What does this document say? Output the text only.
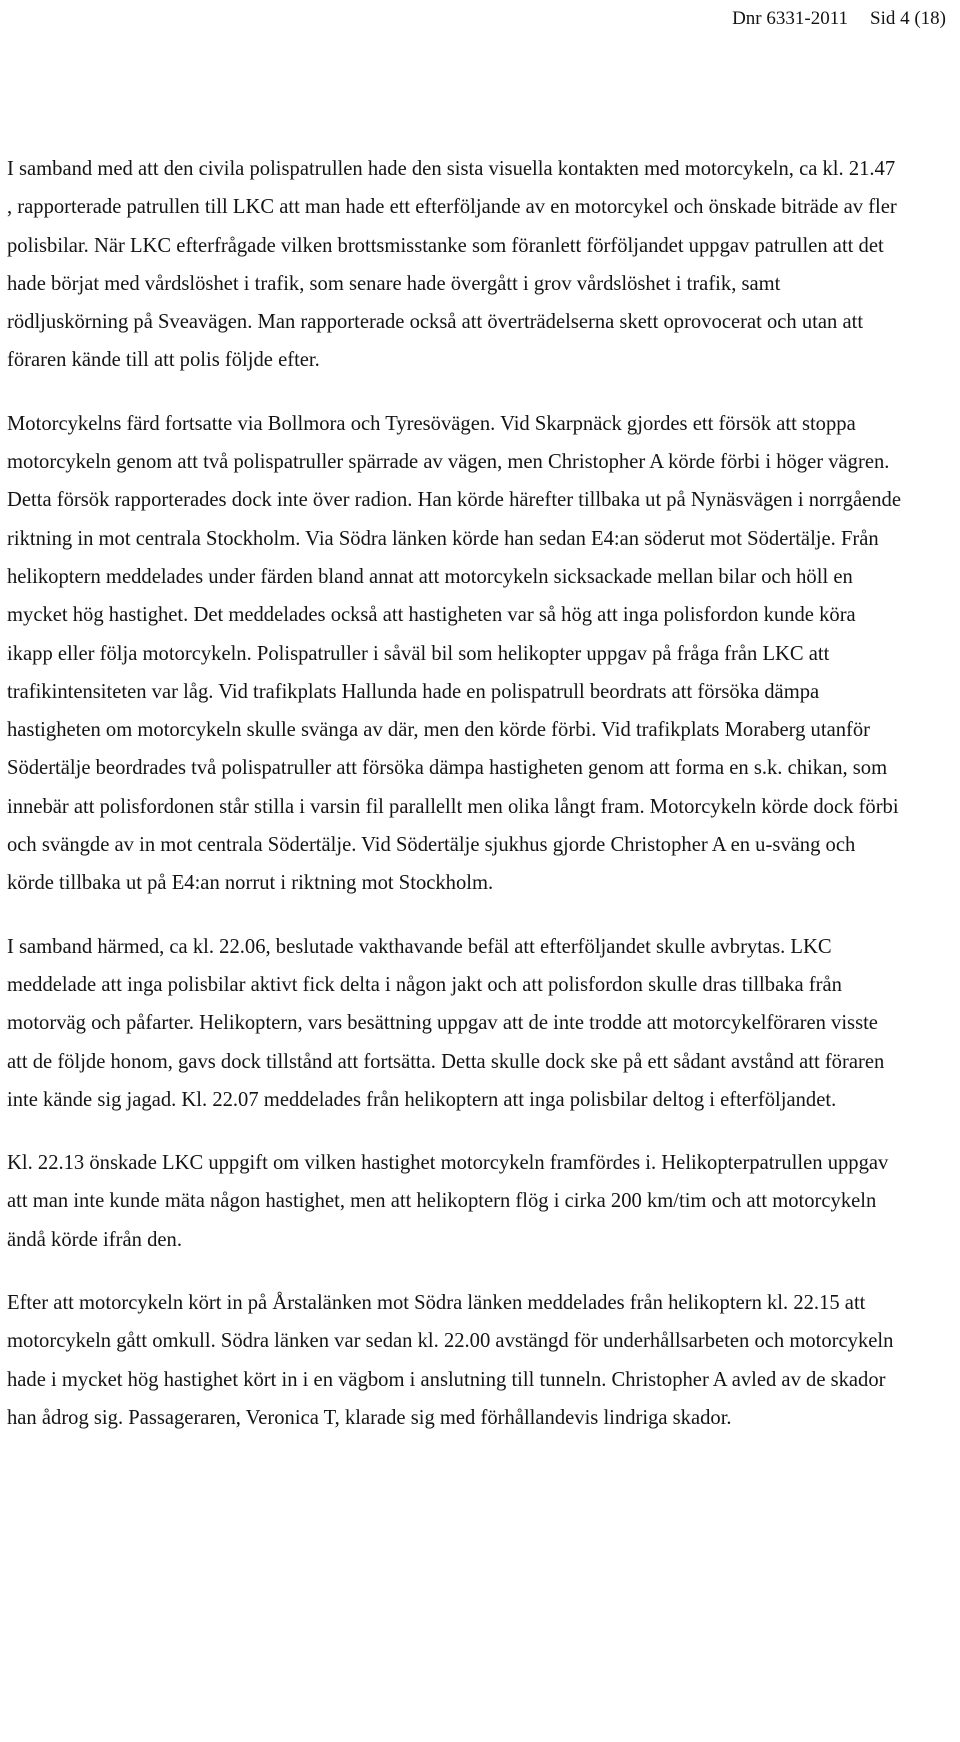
Dnr 6331-2011 Sid 4 (18)

I samband med att den civila polispatrullen hade den sista visuella kontakten med motorcykeln, ca kl. 21.47 , rapporterade patrullen till LKC att man hade ett efterföljande av en motorcykel och önskade biträde av fler polisbilar. När LKC efterfrågade vilken brottsmisstanke som föranlett förföljandet uppgav patrullen att det hade börjat med vårdslöshet i trafik, som senare hade övergått i grov vårdslöshet i trafik, samt rödljuskörning på Sveavägen. Man rapporterade också att överträdelserna skett oprovocerat och utan att föraren kände till att polis följde efter.

Motorcykelns färd fortsatte via Bollmora och Tyresövägen. Vid Skarpnäck gjordes ett försök att stoppa motorcykeln genom att två polispatruller spärrade av vägen, men Christopher A körde förbi i höger vägren. Detta försök rapporterades dock inte över radion. Han körde härefter tillbaka ut på Nynäsvägen i norrgående riktning in mot centrala Stockholm. Via Södra länken körde han sedan E4:an söderut mot Södertälje. Från helikoptern meddelades under färden bland annat att motorcykeln sicksackade mellan bilar och höll en mycket hög hastighet. Det meddelades också att hastigheten var så hög att inga polisfordon kunde köra ikapp eller följa motorcykeln. Polispatruller i såväl bil som helikopter uppgav på fråga från LKC att trafikintensiteten var låg. Vid trafikplats Hallunda hade en polispatrull beordrats att försöka dämpa hastigheten om motorcykeln skulle svänga av där, men den körde förbi. Vid trafikplats Moraberg utanför Södertälje beordrades två polispatruller att försöka dämpa hastigheten genom att forma en s.k. chikan, som innebär att polisfordonen står stilla i varsin fil parallellt men olika långt fram. Motorcykeln körde dock förbi och svängde av in mot centrala Södertälje. Vid Södertälje sjukhus gjorde Christopher A en u-sväng och körde tillbaka ut på E4:an norrut i riktning mot Stockholm.

I samband härmed, ca kl. 22.06, beslutade vakthavande befäl att efterföljandet skulle avbrytas. LKC meddelade att inga polisbilar aktivt fick delta i någon jakt och att polisfordon skulle dras tillbaka från motorväg och påfarter. Helikoptern, vars besättning uppgav att de inte trodde att motorcykelföraren visste att de följde honom, gavs dock tillstånd att fortsätta. Detta skulle dock ske på ett sådant avstånd att föraren inte kände sig jagad. Kl. 22.07 meddelades från helikoptern att inga polisbilar deltog i efterföljandet.

Kl. 22.13 önskade LKC uppgift om vilken hastighet motorcykeln framfördes i. Helikopterpatrullen uppgav att man inte kunde mäta någon hastighet, men att helikoptern flög i cirka 200 km/tim och att motorcykeln ändå körde ifrån den.

Efter att motorcykeln kört in på Årstalänken mot Södra länken meddelades från helikoptern kl. 22.15 att motorcykeln gått omkull. Södra länken var sedan kl. 22.00 avstängd för underhållsarbeten och motorcykeln hade i mycket hög hastighet kört in i en vägbom i anslutning till tunneln. Christopher A avled av de skador han ådrog sig. Passageraren, Veronica T, klarade sig med förhållandevis lindriga skador.
